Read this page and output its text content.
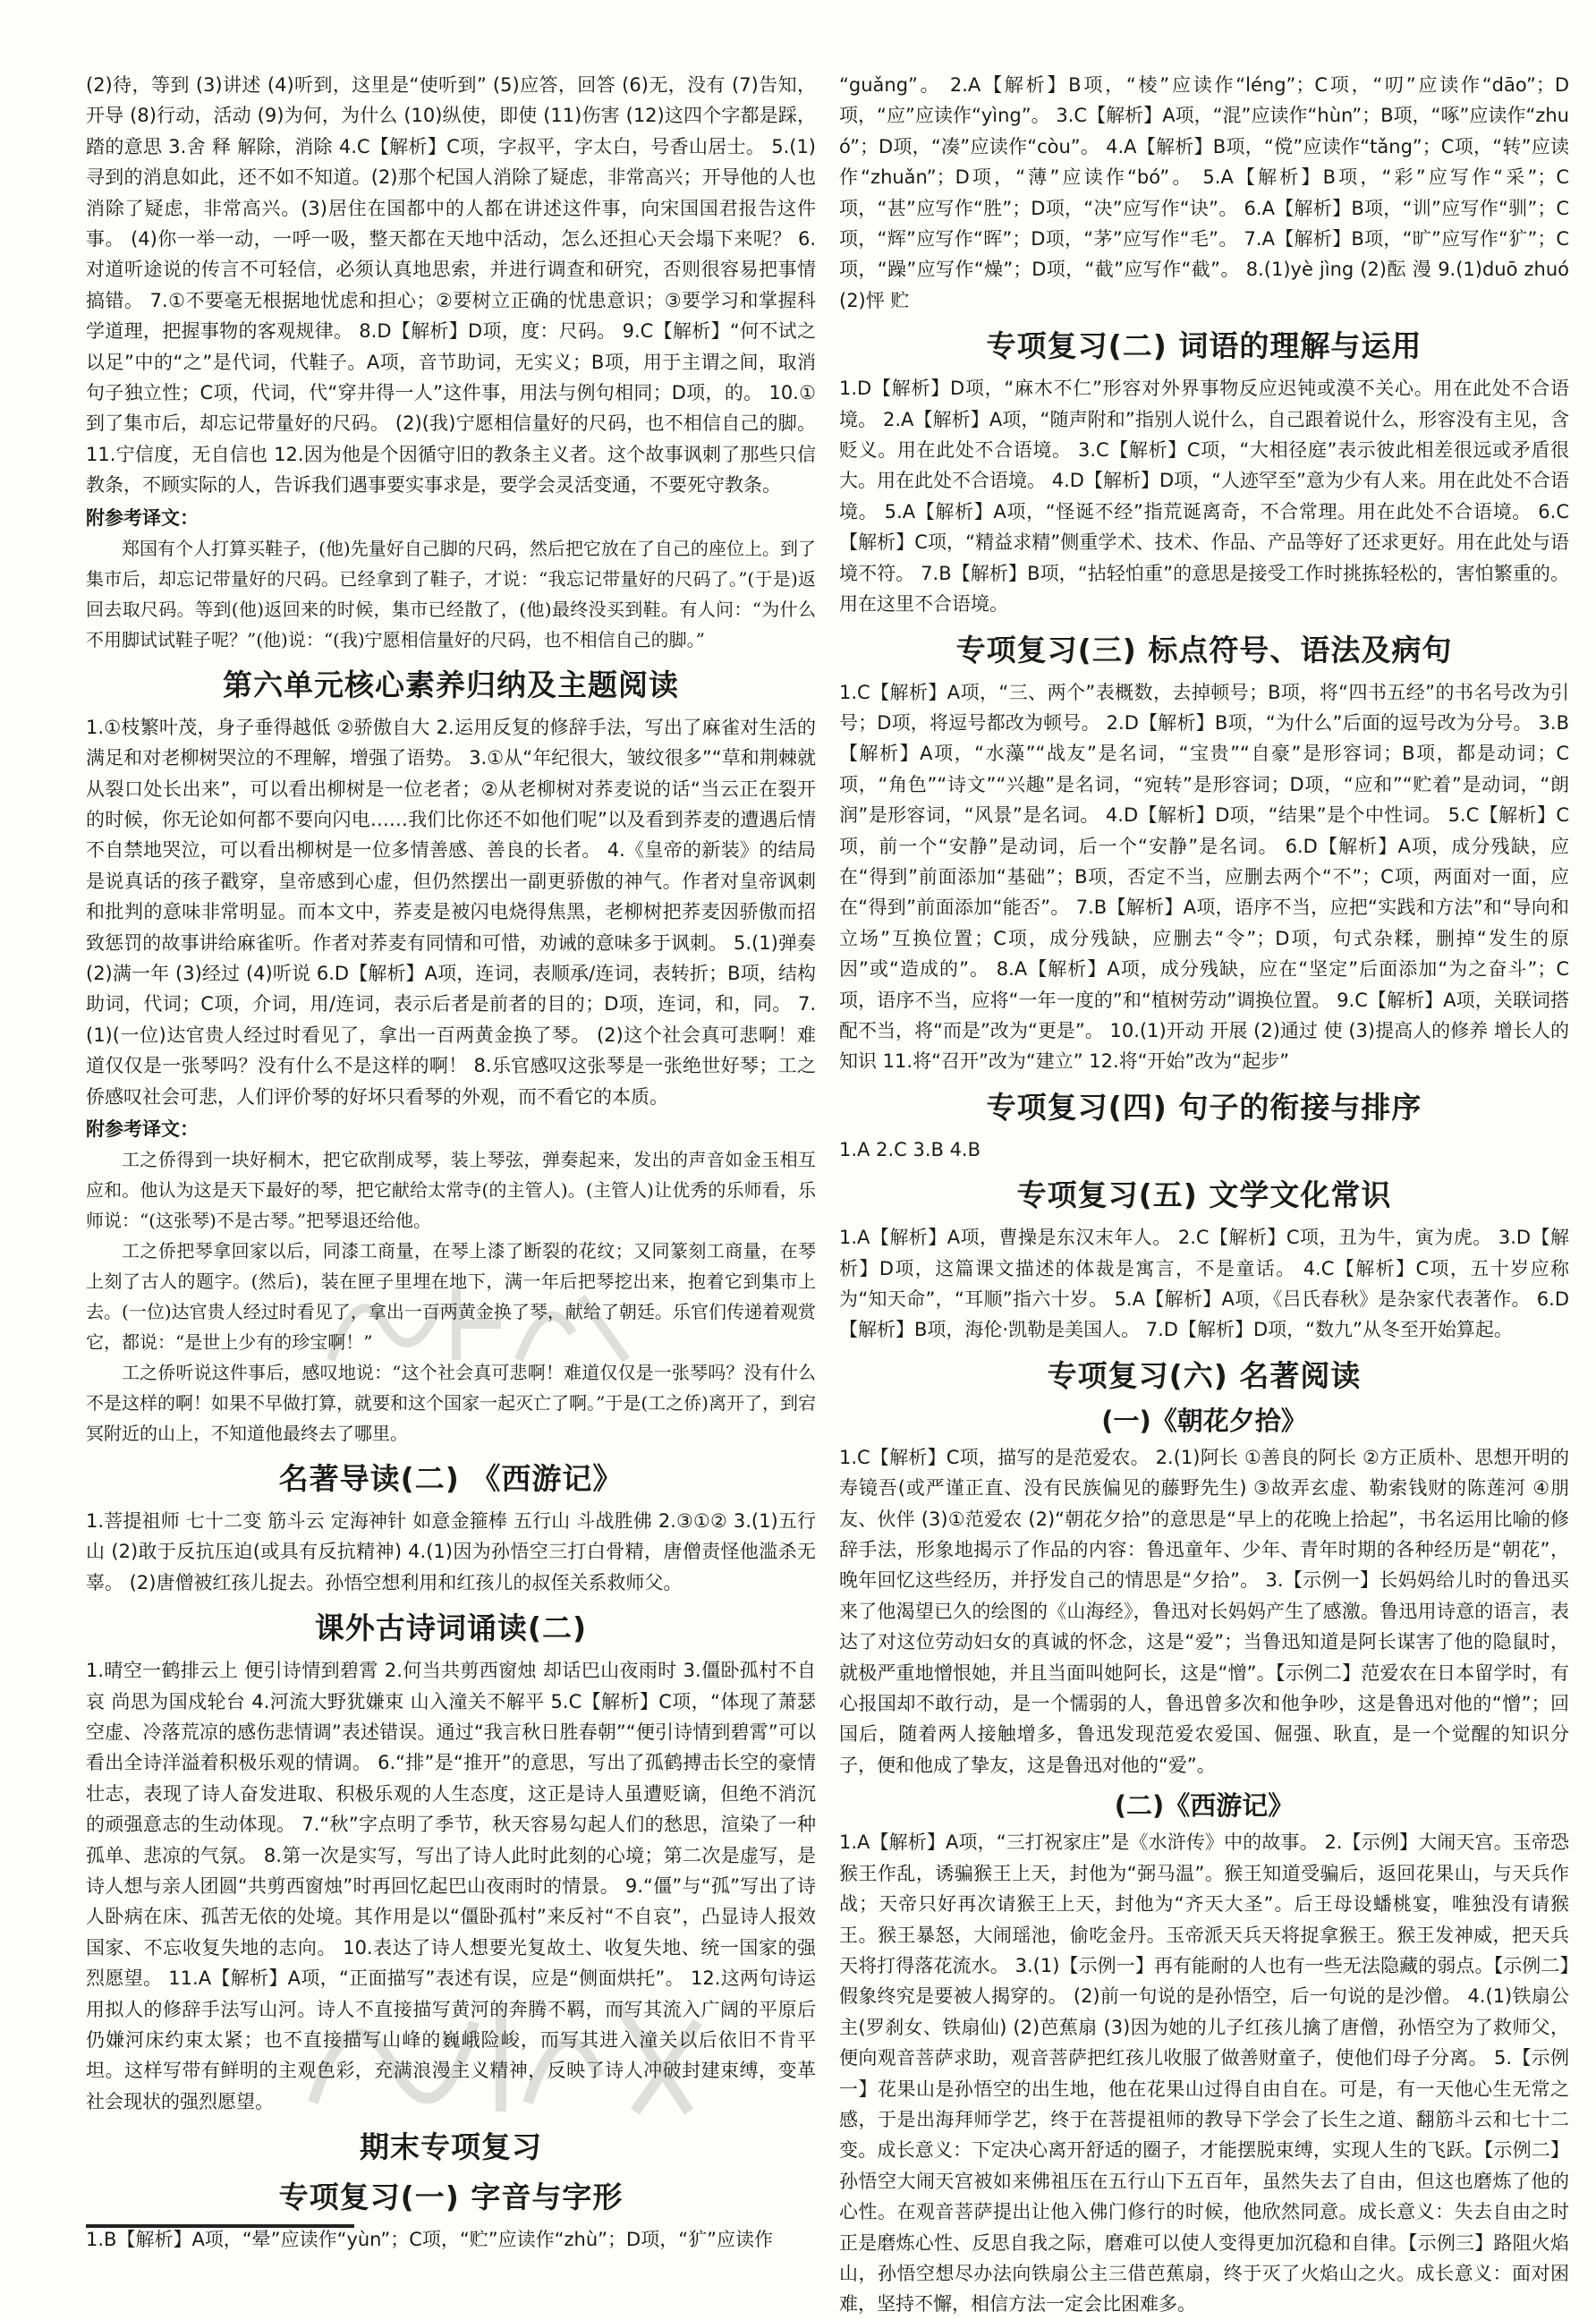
(2)待，等到 (3)讲述 (4)听到，这里是“使听到” (5)应答，回答 (6)无，没有 (7)告知，开导 (8)行动，活动 (9)为何，为什么 (10)纵使，即使 (11)伤害 (12)这四个字都是踩，踏的意思 3.舍 释 解除，消除 4.C【解析】C项，字叔平，字太白，号香山居士。 5.(1)寻到的消息如此，还不如不知道。(2)那个杞国人消除了疑虑，非常高兴；开导他的人也消除了疑虑，非常高兴。(3)居住在国都中的人都在讲述这件事，向宋国国君报告这件事。 (4)你一举一动，一呼一吸，整天都在天地中活动，怎么还担心天会塌下来呢？ 6.对道听途说的传言不可轻信，必须认真地思索，并进行调查和研究，否则很容易把事情搞错。 7.①不要毫无根据地忧虑和担心；②要树立正确的忧患意识；③要学习和掌握科学道理，把握事物的客观规律。 8.D【解析】D项，度：尺码。 9.C【解析】“何不试之以足”中的“之”是代词，代鞋子。A项，音节助词，无实义；B项，用于主谓之间，取消句子独立性；C项，代词，代“穿井得一人”这件事，用法与例句相同；D项，的。 10.①到了集市后，却忘记带量好的尺码。 (2)(我)宁愿相信量好的尺码，也不相信自己的脚。 11.宁信度，无自信也 12.因为他是个因循守旧的教条主义者。这个故事讽刺了那些只信教条，不顾实际的人，告诉我们遇事要实事求是，要学会灵活变通，不要死守教条。

附参考译文：

郑国有个人打算买鞋子，(他)先量好自己脚的尺码，然后把它放在了自己的座位上。到了集市后，却忘记带量好的尺码。已经拿到了鞋子，才说：“我忘记带量好的尺码了。”(于是)返回去取尺码。等到(他)返回来的时候，集市已经散了，(他)最终没买到鞋。有人问：“为什么不用脚试试鞋子呢？”(他)说：“(我)宁愿相信量好的尺码，也不相信自己的脚。”

第六单元核心素养归纳及主题阅读

1.①枝繁叶茂，身子垂得越低 ②骄傲自大 2.运用反复的修辞手法，写出了麻雀对生活的满足和对老柳树哭泣的不理解，增强了语势。 3.①从“年纪很大，皱纹很多”“草和荆棘就从裂口处长出来”，可以看出柳树是一位老者；②从老柳树对荞麦说的话“当云正在裂开的时候，你无论如何都不要向闪电……我们比你还不如他们呢”以及看到荞麦的遭遇后情不自禁地哭泣，可以看出柳树是一位多情善感、善良的长者。 4.《皇帝的新装》的结局是说真话的孩子戳穿，皇帝感到心虚，但仍然摆出一副更骄傲的神气。作者对皇帝讽刺和批判的意味非常明显。而本文中，荞麦是被闪电烧得焦黑，老柳树把荞麦因骄傲而招致惩罚的故事讲给麻雀听。作者对荞麦有同情和可惜，劝诫的意味多于讽刺。 5.(1)弹奏 (2)满一年 (3)经过 (4)听说 6.D【解析】A项，连词，表顺承/连词，表转折；B项，结构助词，代词；C项，介词，用/连词，表示后者是前者的目的；D项，连词，和，同。 7.(1)(一位)达官贵人经过时看见了，拿出一百两黄金换了琴。 (2)这个社会真可悲啊！难道仅仅是一张琴吗？没有什么不是这样的啊！ 8.乐官感叹这张琴是一张绝世好琴；工之侨感叹社会可悲，人们评价琴的好坏只看琴的外观，而不看它的本质。

附参考译文：

工之侨得到一块好桐木，把它砍削成琴，装上琴弦，弹奏起来，发出的声音如金玉相互应和。他认为这是天下最好的琴，把它献给太常寺(的主管人)。(主管人)让优秀的乐师看，乐师说：“(这张琴)不是古琴。”把琴退还给他。

工之侨把琴拿回家以后，同漆工商量，在琴上漆了断裂的花纹；又同篆刻工商量，在琴上刻了古人的题字。(然后)，装在匣子里埋在地下，满一年后把琴挖出来，抱着它到集市上去。(一位)达官贵人经过时看见了，拿出一百两黄金换了琴，献给了朝廷。乐官们传递着观赏它，都说：“是世上少有的珍宝啊！”

工之侨听说这件事后，感叹地说：“这个社会真可悲啊！难道仅仅是一张琴吗？没有什么不是这样的啊！如果不早做打算，就要和这个国家一起灭亡了啊。”于是(工之侨)离开了，到宕冥附近的山上，不知道他最终去了哪里。

名著导读(二) 《西游记》

1.菩提祖师 七十二变 筋斗云 定海神针 如意金箍棒 五行山 斗战胜佛 2.③①② 3.(1)五行山 (2)敢于反抗压迫(或具有反抗精神) 4.(1)因为孙悟空三打白骨精，唐僧责怪他滥杀无辜。 (2)唐僧被红孩儿捉去。孙悟空想利用和红孩儿的叔侄关系救师父。

课外古诗词诵读(二)

1.晴空一鹤排云上 便引诗情到碧霄 2.何当共剪西窗烛 却话巴山夜雨时 3.僵卧孤村不自哀 尚思为国戍轮台 4.河流大野犹嫌束 山入潼关不解平 5.C【解析】C项，“体现了萧瑟空虚、冷落荒凉的感伤悲情调”表述错误。通过“我言秋日胜春朝”“便引诗情到碧霄”可以看出全诗洋溢着积极乐观的情调。 6.“排”是“推开”的意思，写出了孤鹤搏击长空的豪情壮志，表现了诗人奋发进取、积极乐观的人生态度，这正是诗人虽遭贬谪，但绝不消沉的顽强意志的生动体现。 7.“秋”字点明了季节，秋天容易勾起人们的愁思，渲染了一种孤单、悲凉的气氛。 8.第一次是实写，写出了诗人此时此刻的心境；第二次是虚写，是诗人想与亲人团圆“共剪西窗烛”时再回忆起巴山夜雨时的情景。 9.“僵”与“孤”写出了诗人卧病在床、孤苦无依的处境。其作用是以“僵卧孤村”来反衬“不自哀”，凸显诗人报效国家、不忘收复失地的志向。 10.表达了诗人想要光复故土、收复失地、统一国家的强烈愿望。 11.A【解析】A项，“正面描写”表述有误，应是“侧面烘托”。 12.这两句诗运用拟人的修辞手法写山河。诗人不直接描写黄河的奔腾不羁，而写其流入广阔的平原后仍嫌河床约束太紧；也不直接描写山峰的巍峨险峻，而写其进入潼关以后依旧不肯平坦。这样写带有鲜明的主观色彩，充满浪漫主义精神，反映了诗人冲破封建束缚，变革社会现状的强烈愿望。

期末专项复习
专项复习(一) 字音与字形

1.B【解析】A项，“晕”应读作“yùn”；C项，“贮”应读作“zhù”；D项，“犷”应读作

“guǎng”。 2.A【解析】B项，“棱”应读作“léng”；C项，“叨”应读作“dāo”；D项，“应”应读作“yìng”。 3.C【解析】A项，“混”应读作“hùn”；B项，“啄”应读作“zhuó”；D项，“凑”应读作“còu”。 4.A【解析】B项，“傥”应读作“tǎng”；C项，“转”应读作“zhuǎn”；D项，“薄”应读作“bó”。 5.A【解析】B项，“彩”应写作“采”；C项，“甚”应写作“胜”；D项，“决”应写作“诀”。 6.A【解析】B项，“训”应写作“驯”；C项，“辉”应写作“晖”；D项，“茅”应写作“毛”。 7.A【解析】B项，“旷”应写作“犷”；C项，“躁”应写作“燥”；D项，“截”应写作“截”。 8.(1)yè jìng (2)酝 漫 9.(1)duō zhuó (2)怦 贮

专项复习(二) 词语的理解与运用

1.D【解析】D项，“麻木不仁”形容对外界事物反应迟钝或漠不关心。用在此处不合语境。 2.A【解析】A项，“随声附和”指别人说什么，自己跟着说什么，形容没有主见，含贬义。用在此处不合语境。 3.C【解析】C项，“大相径庭”表示彼此相差很远或矛盾很大。用在此处不合语境。 4.D【解析】D项，“人迹罕至”意为少有人来。用在此处不合语境。 5.A【解析】A项，“怪诞不经”指荒诞离奇，不合常理。用在此处不合语境。 6.C【解析】C项，“精益求精”侧重学术、技术、作品、产品等好了还求更好。用在此处与语境不符。 7.B【解析】B项，“拈轻怕重”的意思是接受工作时挑拣轻松的，害怕繁重的。用在这里不合语境。

专项复习(三) 标点符号、语法及病句

1.C【解析】A项，“三、两个”表概数，去掉顿号；B项，将“四书五经”的书名号改为引号；D项，将逗号都改为顿号。 2.D【解析】B项，“为什么”后面的逗号改为分号。 3.B【解析】A项，“水藻”“战友”是名词，“宝贵”“自豪”是形容词；B项，都是动词；C项，“角色”“诗文”“兴趣”是名词，“宛转”是形容词；D项，“应和”“贮着”是动词，“朗润”是形容词，“风景”是名词。 4.D【解析】D项，“结果”是个中性词。 5.C【解析】C项，前一个“安静”是动词，后一个“安静”是名词。 6.D【解析】A项，成分残缺，应在“得到”前面添加“基础”；B项，否定不当，应删去两个“不”；C项，两面对一面，应在“得到”前面添加“能否”。 7.B【解析】A项，语序不当，应把“实践和方法”和“导向和立场”互换位置；C项，成分残缺，应删去“令”；D项，句式杂糅，删掉“发生的原因”或“造成的”。 8.A【解析】A项，成分残缺，应在“坚定”后面添加“为之奋斗”；C项，语序不当，应将“一年一度的”和“植树劳动”调换位置。 9.C【解析】A项，关联词搭配不当，将“而是”改为“更是”。 10.(1)开动 开展 (2)通过 使 (3)提高人的修养 增长人的知识 11.将“召开”改为“建立” 12.将“开始”改为“起步”

专项复习(四) 句子的衔接与排序

1.A 2.C 3.B 4.B

专项复习(五) 文学文化常识

1.A【解析】A项，曹操是东汉末年人。 2.C【解析】C项，丑为牛，寅为虎。 3.D【解析】D项，这篇课文描述的体裁是寓言，不是童话。 4.C【解析】C项，五十岁应称为“知天命”，“耳顺”指六十岁。 5.A【解析】A项，《吕氏春秋》是杂家代表著作。 6.D【解析】B项，海伦·凯勒是美国人。 7.D【解析】D项，“数九”从冬至开始算起。

专项复习(六) 名著阅读
(一)《朝花夕拾》

1.C【解析】C项，描写的是范爱农。 2.(1)阿长 ①善良的阿长 ②方正质朴、思想开明的寿镜吾(或严谨正直、没有民族偏见的藤野先生) ③故弄玄虚、勒索钱财的陈莲河 ④朋友、伙伴 (3)①范爱农 (2)“朝花夕拾”的意思是“早上的花晚上拾起”，书名运用比喻的修辞手法，形象地揭示了作品的内容：鲁迅童年、少年、青年时期的各种经历是“朝花”，晚年回忆这些经历，并抒发自己的情思是“夕拾”。 3.【示例一】长妈妈给儿时的鲁迅买来了他渴望已久的绘图的《山海经》，鲁迅对长妈妈产生了感激。鲁迅用诗意的语言，表达了对这位劳动妇女的真诚的怀念，这是“爱”；当鲁迅知道是阿长谋害了他的隐鼠时，就极严重地憎恨她，并且当面叫她阿长，这是“憎”。【示例二】范爱农在日本留学时，有心报国却不敢行动，是一个懦弱的人，鲁迅曾多次和他争吵，这是鲁迅对他的“憎”；回国后，随着两人接触增多，鲁迅发现范爱农爱国、倔强、耿直，是一个觉醒的知识分子，便和他成了挚友，这是鲁迅对他的“爱”。

(二)《西游记》

1.A【解析】A项，“三打祝家庄”是《水浒传》中的故事。 2.【示例】大闹天宫。玉帝恐猴王作乱，诱骗猴王上天，封他为“弼马温”。猴王知道受骗后，返回花果山，与天兵作战；天帝只好再次请猴王上天，封他为“齐天大圣”。后王母设蟠桃宴，唯独没有请猴王。猴王暴怒，大闹瑶池，偷吃金丹。玉帝派天兵天将捉拿猴王。猴王发神威，把天兵天将打得落花流水。 3.(1)【示例一】再有能耐的人也有一些无法隐藏的弱点。【示例二】假象终究是要被人揭穿的。 (2)前一句说的是孙悟空，后一句说的是沙僧。 4.(1)铁扇公主(罗刹女、铁扇仙) (2)芭蕉扇 (3)因为她的儿子红孩儿擒了唐僧，孙悟空为了救师父，便向观音菩萨求助，观音菩萨把红孩儿收服了做善财童子，使他们母子分离。 5.【示例一】花果山是孙悟空的出生地，他在花果山过得自由自在。可是，有一天他心生无常之感，于是出海拜师学艺，终于在菩提祖师的教导下学会了长生之道、翻筋斗云和七十二变。成长意义：下定决心离开舒适的圈子，才能摆脱束缚，实现人生的飞跃。【示例二】孙悟空大闹天宫被如来佛祖压在五行山下五百年，虽然失去了自由，但这也磨炼了他的心性。在观音菩萨提出让他入佛门修行的时候，他欣然同意。成长意义：失去自由之时正是磨炼心性、反思自我之际，磨难可以使人变得更加沉稳和自律。【示例三】路阻火焰山，孙悟空想尽办法向铁扇公主三借芭蕉扇，终于灭了火焰山之火。成长意义：面对困难，坚持不懈，相信方法一定会比困难多。
